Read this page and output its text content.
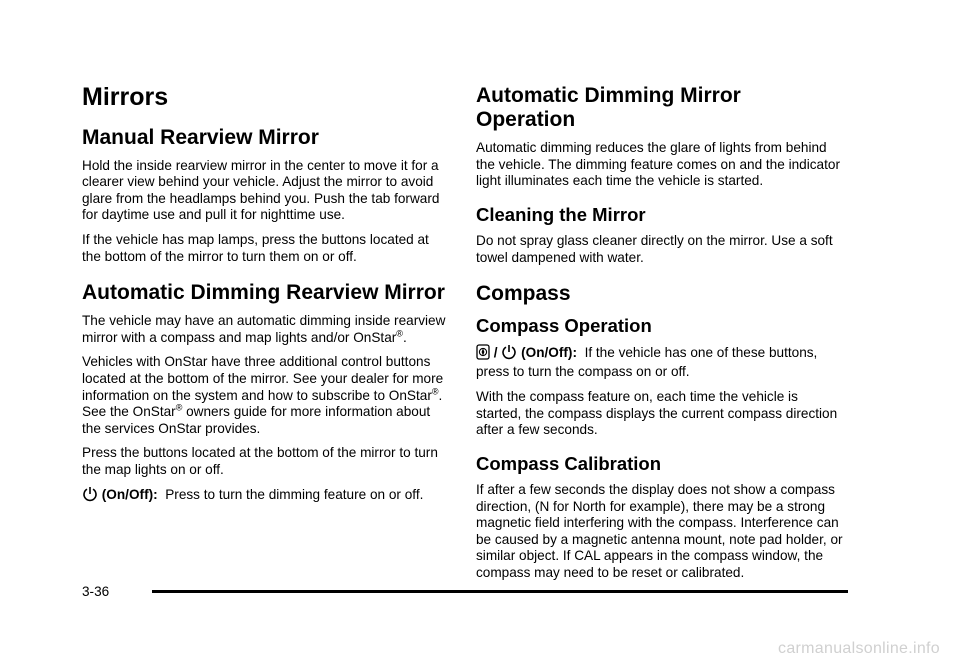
Mirrors
Manual Rearview Mirror

Hold the inside rearview mirror in the center to move it for a clearer view behind your vehicle. Adjust the mirror to avoid glare from the headlamps behind you. Push the tab forward for daytime use and pull it for nighttime use.

If the vehicle has map lamps, press the buttons located at the bottom of the mirror to turn them on or off.

Automatic Dimming Rearview Mirror

The vehicle may have an automatic dimming inside rearview mirror with a compass and map lights and/or OnStar®.

Vehicles with OnStar have three additional control buttons located at the bottom of the mirror. See your dealer for more information on the system and how to subscribe to OnStar®. See the OnStar® owners guide for more information about the services OnStar provides.

Press the buttons located at the bottom of the mirror to turn the map lights on or off.

(On/Off): Press to turn the dimming feature on or off.

Automatic Dimming Mirror Operation

Automatic dimming reduces the glare of lights from behind the vehicle. The dimming feature comes on and the indicator light illuminates each time the vehicle is started.

Cleaning the Mirror

Do not spray glass cleaner directly on the mirror. Use a soft towel dampened with water.

Compass
Compass Operation

/  (On/Off): If the vehicle has one of these buttons, press to turn the compass on or off.

With the compass feature on, each time the vehicle is started, the compass displays the current compass direction after a few seconds.

Compass Calibration

If after a few seconds the display does not show a compass direction, (N for North for example), there may be a strong magnetic field interfering with the compass. Interference can be caused by a magnetic antenna mount, note pad holder, or similar object. If CAL appears in the compass window, the compass may need to be reset or calibrated.

3-36
carmanualsonline.info
